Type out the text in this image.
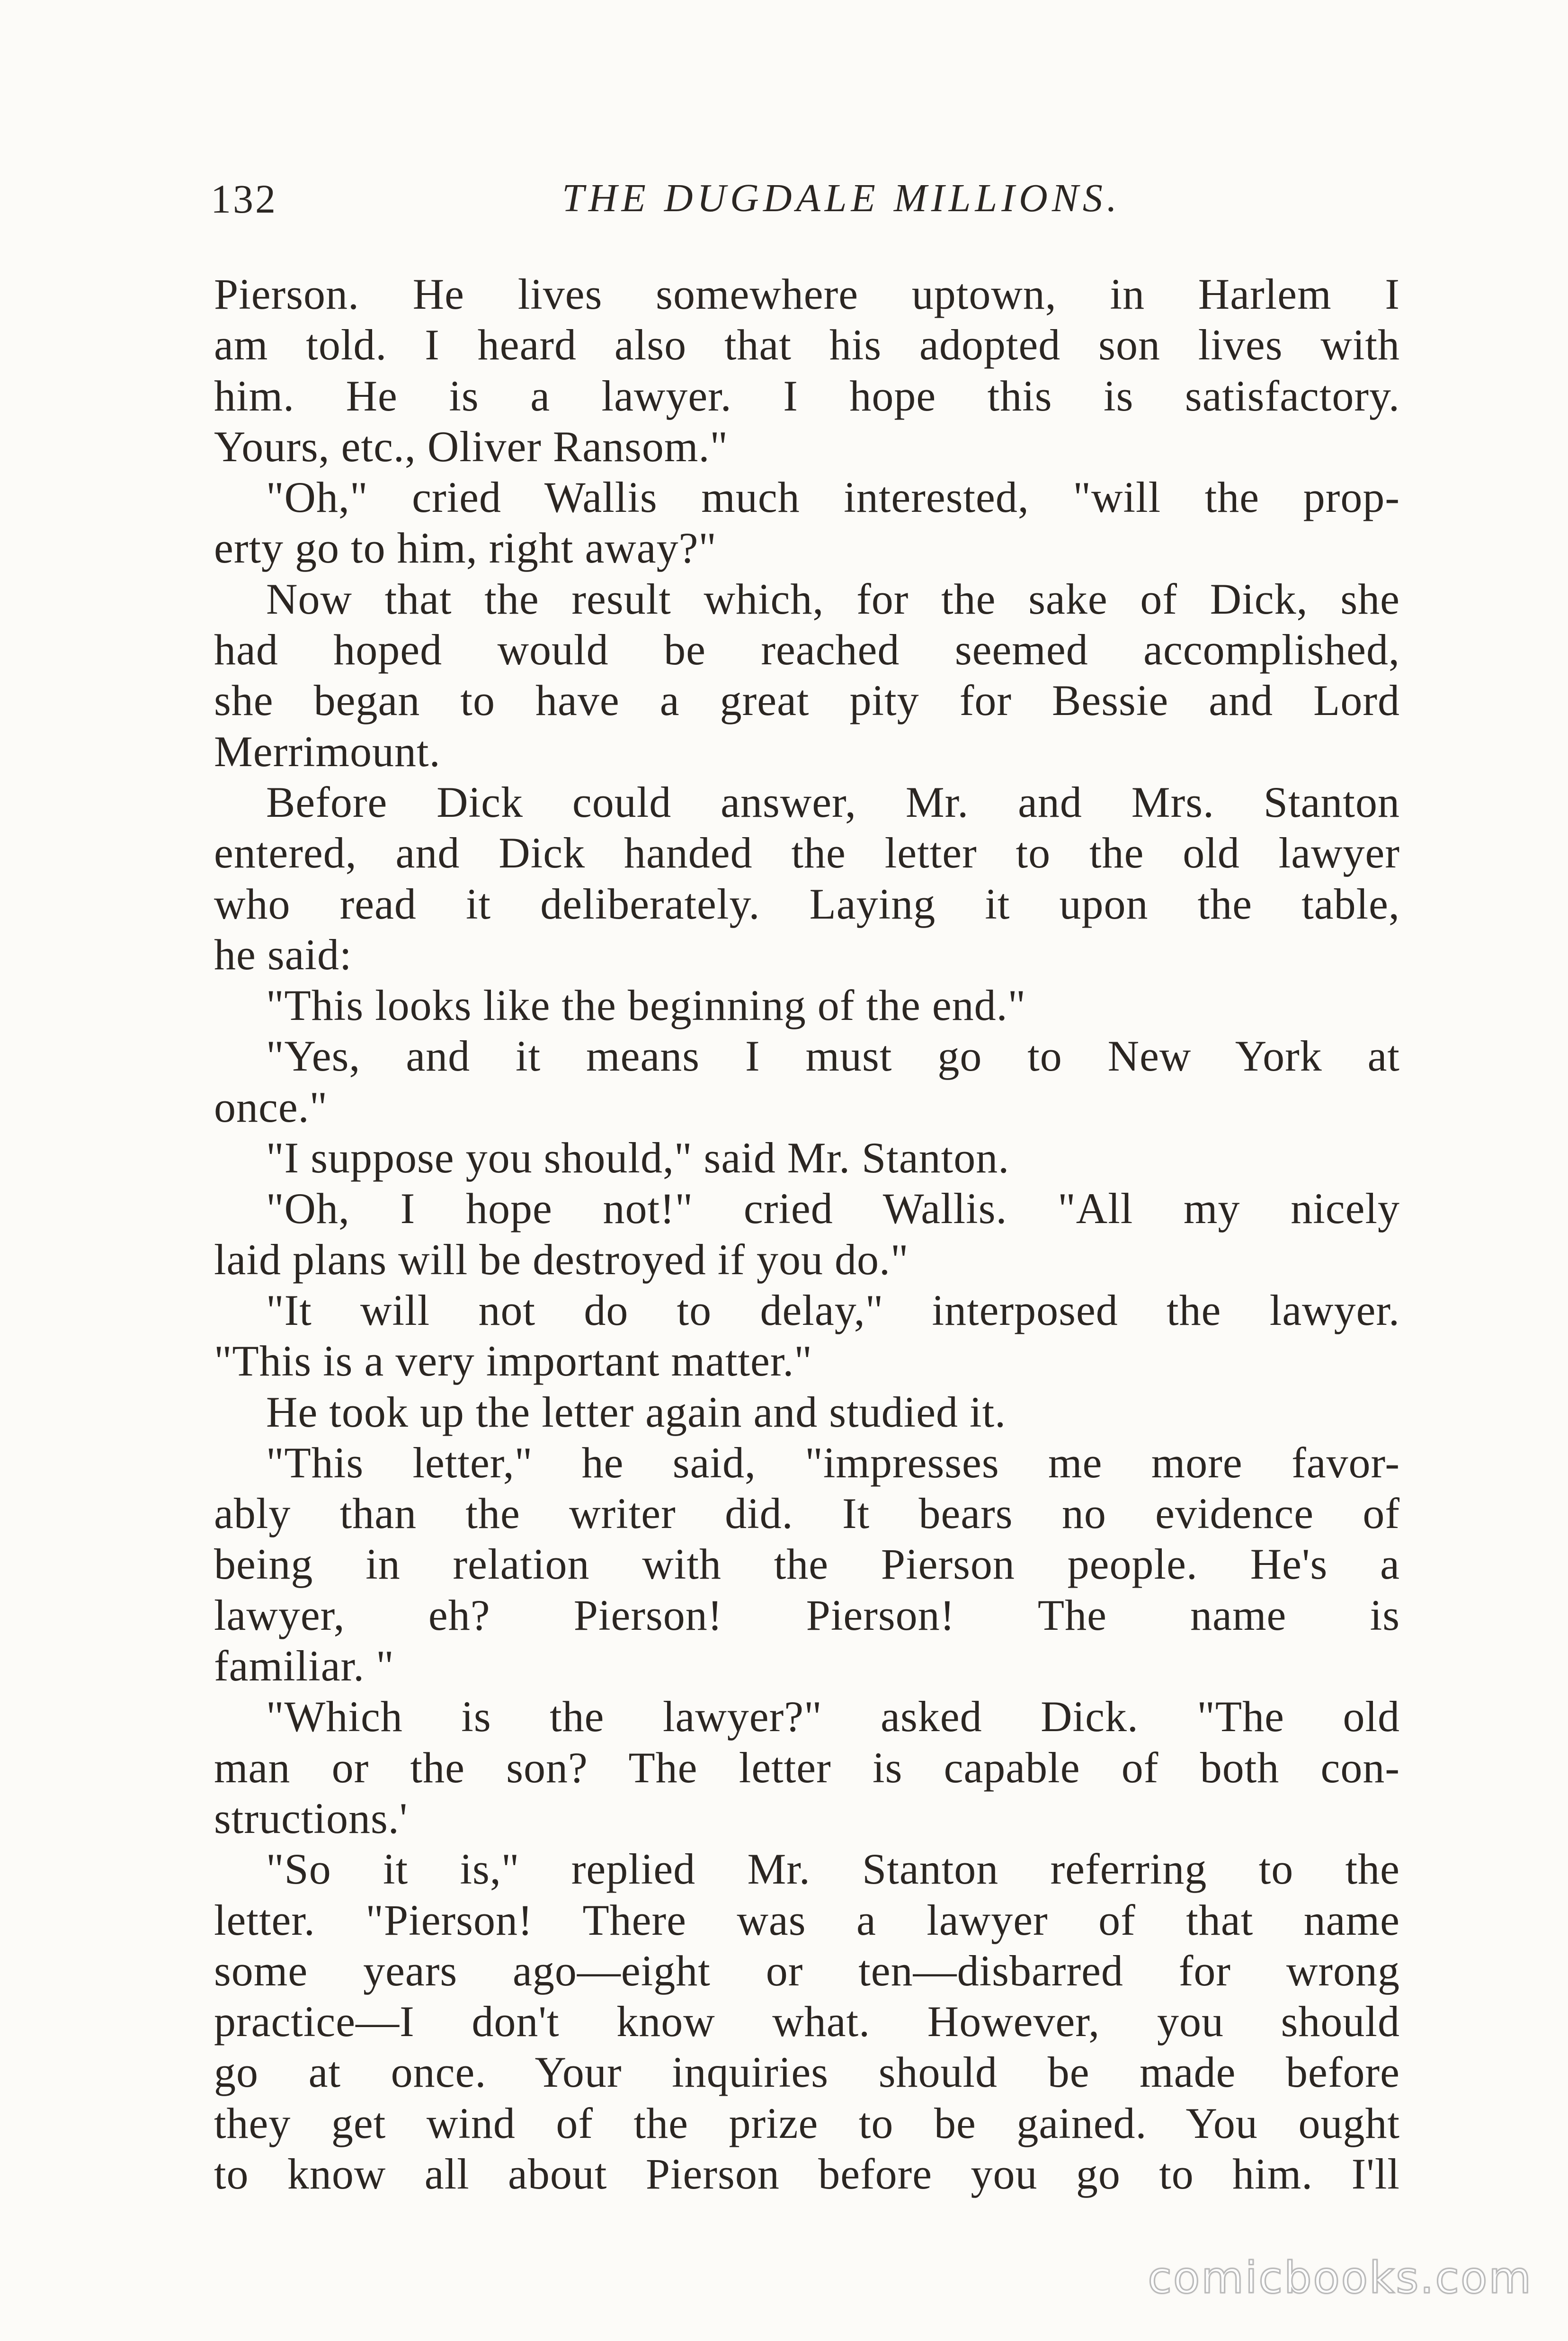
132	THE DUGDALE MILLIONS.
Pierson. He lives somewhere uptown, in Harlem I
am told. I heard also that his adopted son lives with
him. He is a lawyer. I hope this is satisfactory.
Yours, etc., Oliver Ransom."
"Oh," cried Wallis much interested, "will the prop-
erty go to him, right away?"
Now that the result which, for the sake of Dick, she
had hoped would be reached seemed accomplished,
she began to have a great pity for Bessie and Lord
Merrimount.
Before Dick could answer, Mr. and Mrs. Stanton
entered, and Dick handed the letter to the old lawyer
who read it deliberately. Laying it upon the table,
he said:
"This looks like the beginning of the end."
"Yes, and it means I must go to New York at
once."
"I suppose you should," said Mr. Stanton.
"Oh, I hope not!" cried Wallis. "All my nicely
laid plans will be destroyed if you do."
"It will not do to delay," interposed the lawyer.
"This is a very important matter."
He took up the letter again and studied it.
"This letter," he said, "impresses me more favor-
ably than the writer did. It bears no evidence of
being in relation with the Pierson people. He's a
lawyer, eh? Pierson! Pierson! The name is
familiar. "
"Which is the lawyer?" asked Dick. "The old
man or the son? The letter is capable of both con-
structions.'
"So it is," replied Mr. Stanton referring to the
letter. "Pierson! There was a lawyer of that name
some years ago—eight or ten—disbarred for wrong
practice—I don't know what. However, you should
go at once. Your inquiries should be made before
they get wind of the prize to be gained. You ought
to know all about Pierson before you go to him. I'll
comicbooks.com
